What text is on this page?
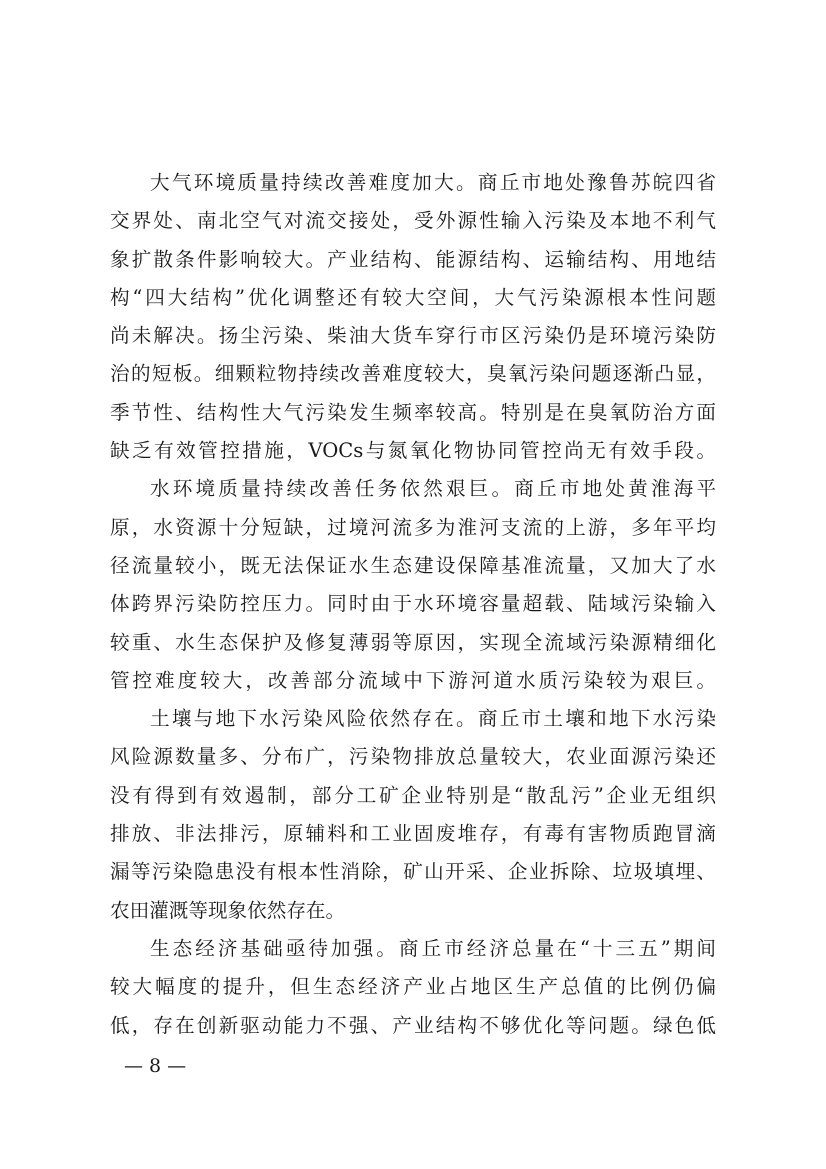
大气环境质量持续改善难度加大。商丘市地处豫鲁苏皖四省
交界处、南北空气对流交接处，受外源性输入污染及本地不利气
象扩散条件影响较大。产业结构、能源结构、运输结构、用地结
构“四大结构”优化调整还有较大空间，大气污染源根本性问题
尚未解决。扬尘污染、柴油大货车穿行市区污染仍是环境污染防
治的短板。细颗粒物持续改善难度较大，臭氧污染问题逐渐凸显，
季节性、结构性大气污染发生频率较高。特别是在臭氧防治方面
缺乏有效管控措施，VOCs与氮氧化物协同管控尚无有效手段。
水环境质量持续改善任务依然艰巨。商丘市地处黄淮海平
原，水资源十分短缺，过境河流多为淮河支流的上游，多年平均
径流量较小，既无法保证水生态建设保障基准流量，又加大了水
体跨界污染防控压力。同时由于水环境容量超载、陆域污染输入
较重、水生态保护及修复薄弱等原因，实现全流域污染源精细化
管控难度较大，改善部分流域中下游河道水质污染较为艰巨。
土壤与地下水污染风险依然存在。商丘市土壤和地下水污染
风险源数量多、分布广，污染物排放总量较大，农业面源污染还
没有得到有效遏制，部分工矿企业特别是“散乱污”企业无组织
排放、非法排污，原辅料和工业固废堆存，有毒有害物质跑冒滴
漏等污染隐患没有根本性消除，矿山开采、企业拆除、垃圾填埋、
农田灌溉等现象依然存在。
生态经济基础亟待加强。商丘市经济总量在“十三五”期间
较大幅度的提升，但生态经济产业占地区生产总值的比例仍偏
低，存在创新驱动能力不强、产业结构不够优化等问题。绿色低
— 8 —
